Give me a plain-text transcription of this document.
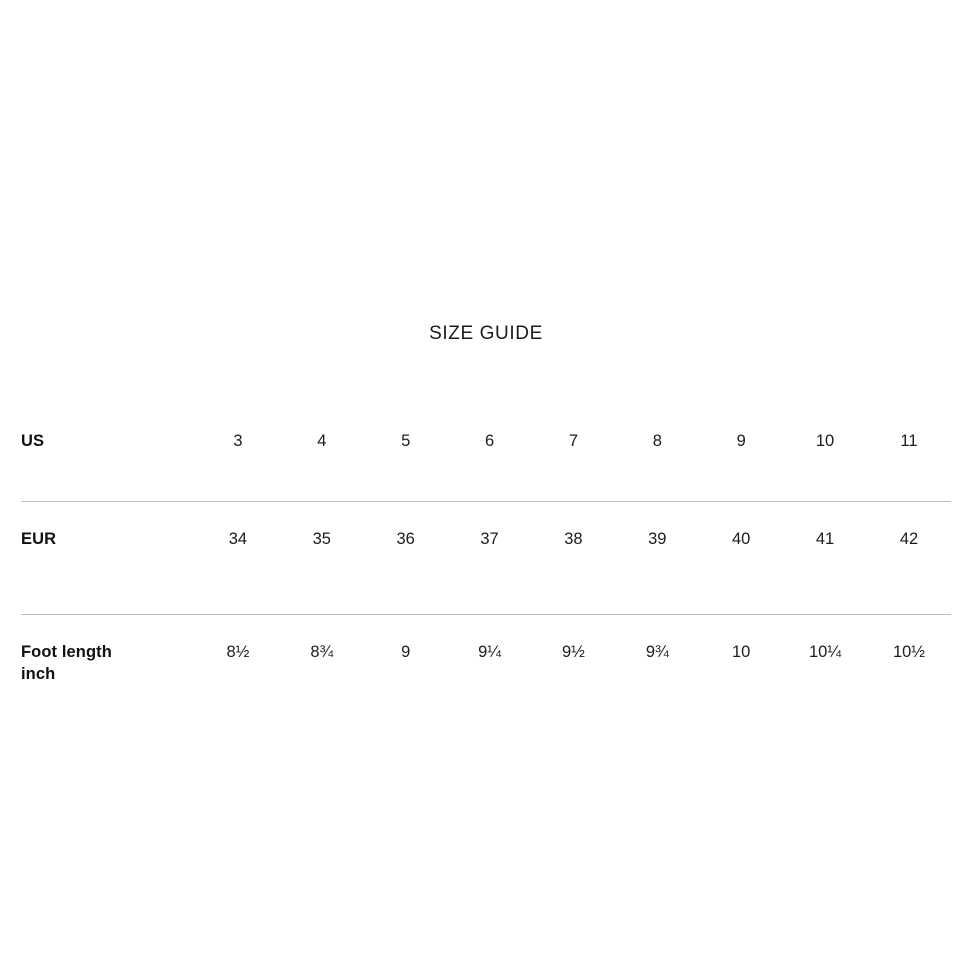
SIZE GUIDE
US	3	4	5	6	7	8	9	10	11

EUR	34	35	36	37	38	39	40	41	42

Foot length
inch	8½	8¾	9	9¼	9½	9¾	10	10¼	10½
